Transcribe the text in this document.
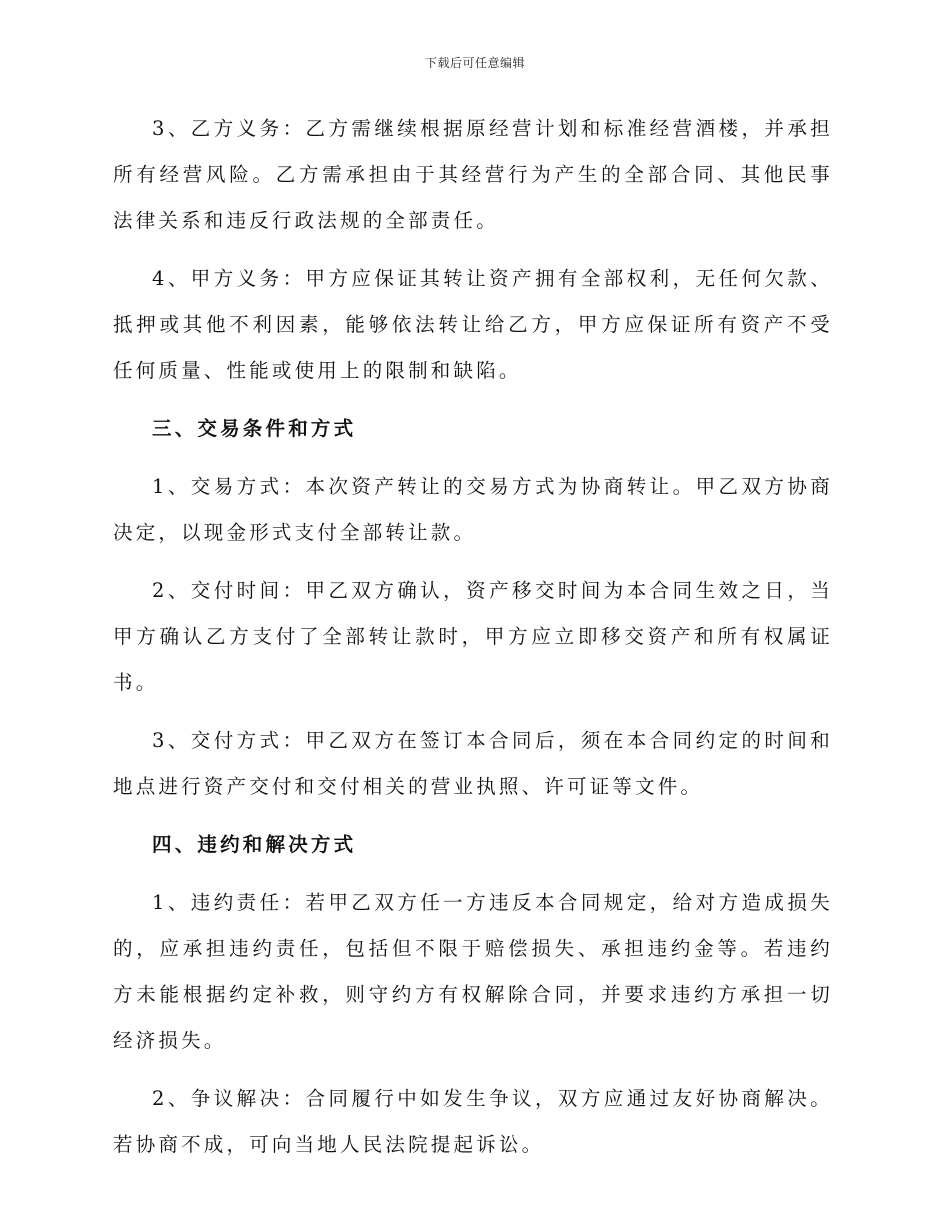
下载后可任意编辑

3、乙方义务：乙方需继续根据原经营计划和标准经营酒楼，并承担所有经营风险。乙方需承担由于其经营行为产生的全部合同、其他民事法律关系和违反行政法规的全部责任。

4、甲方义务：甲方应保证其转让资产拥有全部权利，无任何欠款、抵押或其他不利因素，能够依法转让给乙方，甲方应保证所有资产不受任何质量、性能或使用上的限制和缺陷。

三、交易条件和方式

1、交易方式：本次资产转让的交易方式为协商转让。甲乙双方协商决定，以现金形式支付全部转让款。

2、交付时间：甲乙双方确认，资产移交时间为本合同生效之日，当甲方确认乙方支付了全部转让款时，甲方应立即移交资产和所有权属证书。

3、交付方式：甲乙双方在签订本合同后，须在本合同约定的时间和地点进行资产交付和交付相关的营业执照、许可证等文件。

四、违约和解决方式

1、违约责任：若甲乙双方任一方违反本合同规定，给对方造成损失的，应承担违约责任，包括但不限于赔偿损失、承担违约金等。若违约方未能根据约定补救，则守约方有权解除合同，并要求违约方承担一切经济损失。

2、争议解决：合同履行中如发生争议，双方应通过友好协商解决。若协商不成，可向当地人民法院提起诉讼。
